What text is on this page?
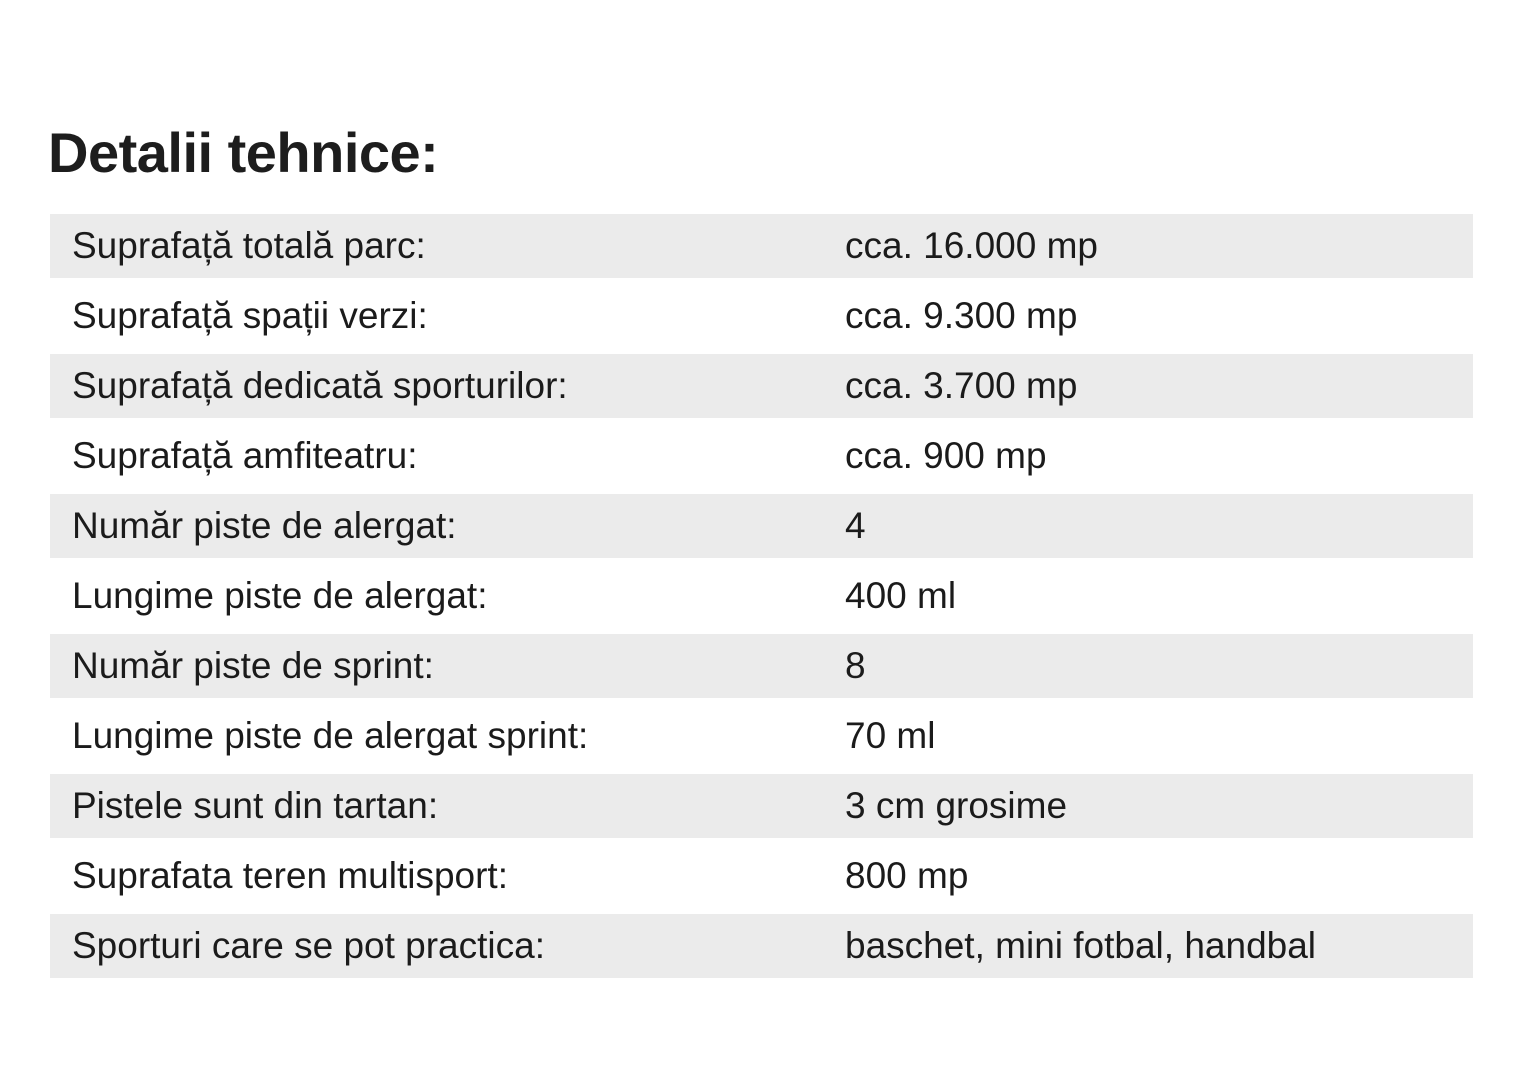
Detalii tehnice:
Suprafață totală parc:	cca. 16.000 mp
Suprafață spații verzi:	cca. 9.300 mp
Suprafață dedicată sporturilor:	cca. 3.700 mp
Suprafață amfiteatru:	cca. 900 mp
Număr piste de alergat:	4
Lungime piste de alergat:	400 ml
Număr piste de sprint:	8
Lungime piste de alergat sprint:	70 ml
Pistele sunt din tartan:	3 cm grosime
Suprafata teren multisport:	800 mp
Sporturi care se pot practica:	baschet, mini fotbal, handbal
